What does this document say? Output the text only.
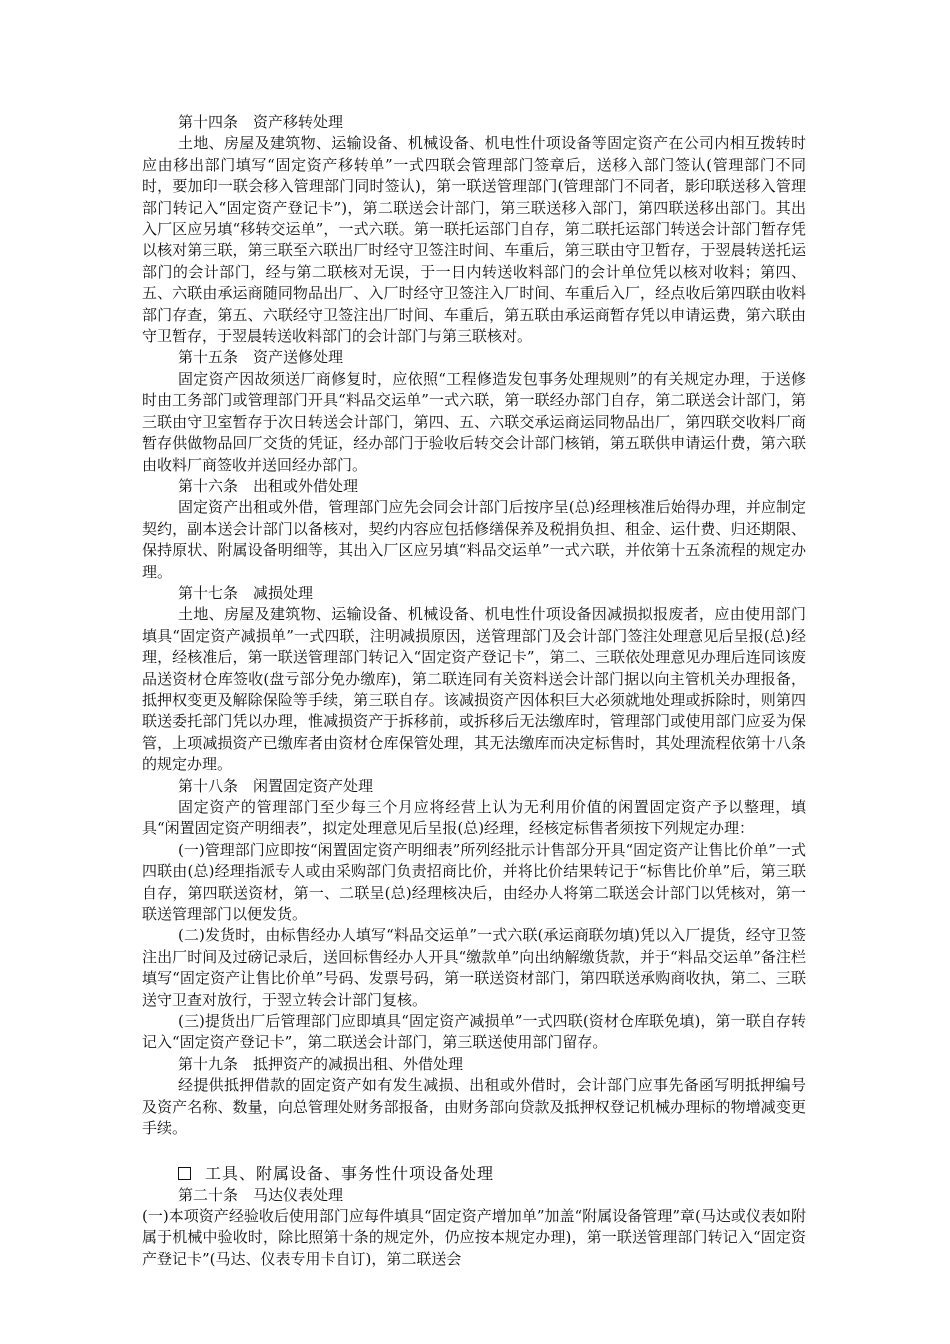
第十四条　资产移转处理

土地、房屋及建筑物、运输设备、机械设备、机电性什项设备等固定资产在公司内相互拨转时应由移出部门填写“固定资产移转单”一式四联会管理部门签章后，送移入部门签认(管理部门不同时，要加印一联会移入管理部门同时签认)，第一联送管理部门(管理部门不同者，影印联送移入管理部门转记入“固定资产登记卡”)，第二联送会计部门，第三联送移入部门，第四联送移出部门。其出入厂区应另填“移转交运单”，一式六联。第一联托运部门自存，第二联托运部门转送会计部门暂存凭以核对第三联，第三联至六联出厂时经守卫签注时间、车重后，第三联由守卫暂存，于翌晨转送托运部门的会计部门，经与第二联核对无误，于一日内转送收料部门的会计单位凭以核对收料；第四、五、六联由承运商随同物品出厂、入厂时经守卫签注入厂时间、车重后入厂，经点收后第四联由收料部门存查，第五、六联经守卫签注出厂时间、车重后，第五联由承运商暂存凭以申请运费，第六联由守卫暂存，于翌晨转送收料部门的会计部门与第三联核对。

第十五条　资产送修处理

固定资产因故须送厂商修复时，应依照“工程修造发包事务处理规则”的有关规定办理，于送修时由工务部门或管理部门开具“料品交运单”一式六联，第一联经办部门自存，第二联送会计部门，第三联由守卫室暂存于次日转送会计部门，第四、五、六联交承运商运同物品出厂，第四联交收料厂商暂存供做物品回厂交货的凭证，经办部门于验收后转交会计部门核销，第五联供申请运什费，第六联由收料厂商签收并送回经办部门。

第十六条　出租或外借处理

固定资产出租或外借，管理部门应先会同会计部门后按序呈(总)经理核准后始得办理，并应制定契约，副本送会计部门以备核对，契约内容应包括修缮保养及税捐负担、租金、运什费、归还期限、保持原状、附属设备明细等，其出入厂区应另填“料品交运单”一式六联，并依第十五条流程的规定办理。

第十七条　减损处理

土地、房屋及建筑物、运输设备、机械设备、机电性什项设备因减损拟报废者，应由使用部门填具“固定资产减损单”一式四联，注明减损原因，送管理部门及会计部门签注处理意见后呈报(总)经理，经核准后，第一联送管理部门转记入“固定资产登记卡”，第二、三联依处理意见办理后连同该废品送资材仓库签收(盘亏部分免办缴库)，第二联连同有关资料送会计部门据以向主管机关办理报备，抵押权变更及解除保险等手续，第三联自存。该减损资产因体积巨大必须就地处理或拆除时，则第四联送委托部门凭以办理，惟减损资产于拆移前，或拆移后无法缴库时，管理部门或使用部门应妥为保管，上项减损资产已缴库者由资材仓库保管处理，其无法缴库而决定标售时，其处理流程依第十八条的规定办理。

第十八条　闲置固定资产处理

固定资产的管理部门至少每三个月应将经营上认为无利用价值的闲置固定资产予以整理，填具“闲置固定资产明细表”，拟定处理意见后呈报(总)经理，经核定标售者须按下列规定办理：

(一)管理部门应即按“闲置固定资产明细表”所列经批示计售部分开具“固定资产让售比价单”一式四联由(总)经理指派专人或由采购部门负责招商比价，并将比价结果转记于“标售比价单”后，第三联自存，第四联送资材，第一、二联呈(总)经理核决后，由经办人将第二联送会计部门以凭核对，第一联送管理部门以便发货。

(二)发货时，由标售经办人填写“料品交运单”一式六联(承运商联勿填)凭以入厂提货，经守卫签注出厂时间及过磅记录后，送回标售经办人开具“缴款单”向出纳解缴货款，并于“料品交运单”备注栏填写“固定资产让售比价单”号码、发票号码，第一联送资材部门，第四联送承购商收执，第二、三联送守卫查对放行，于翌立转会计部门复核。

(三)提货出厂后管理部门应即填具“固定资产减损单”一式四联(资材仓库联免填)，第一联自存转记入“固定资产登记卡”，第二联送会计部门，第三联送使用部门留存。

第十九条　抵押资产的减损出租、外借处理

经提供抵押借款的固定资产如有发生减损、出租或外借时，会计部门应事先备函写明抵押编号及资产名称、数量，向总管理处财务部报备，由财务部向贷款及抵押权登记机械办理标的物增减变更手续。

工具、附属设备、事务性什项设备处理

第二十条　马达仪表处理

(一)本项资产经验收后使用部门应每件填具“固定资产增加单”加盖“附属设备管理”章(马达或仪表如附属于机械中验收时，除比照第十条的规定外，仍应按本规定办理)，第一联送管理部门转记入“固定资产登记卡”(马达、仪表专用卡自订)，第二联送会
